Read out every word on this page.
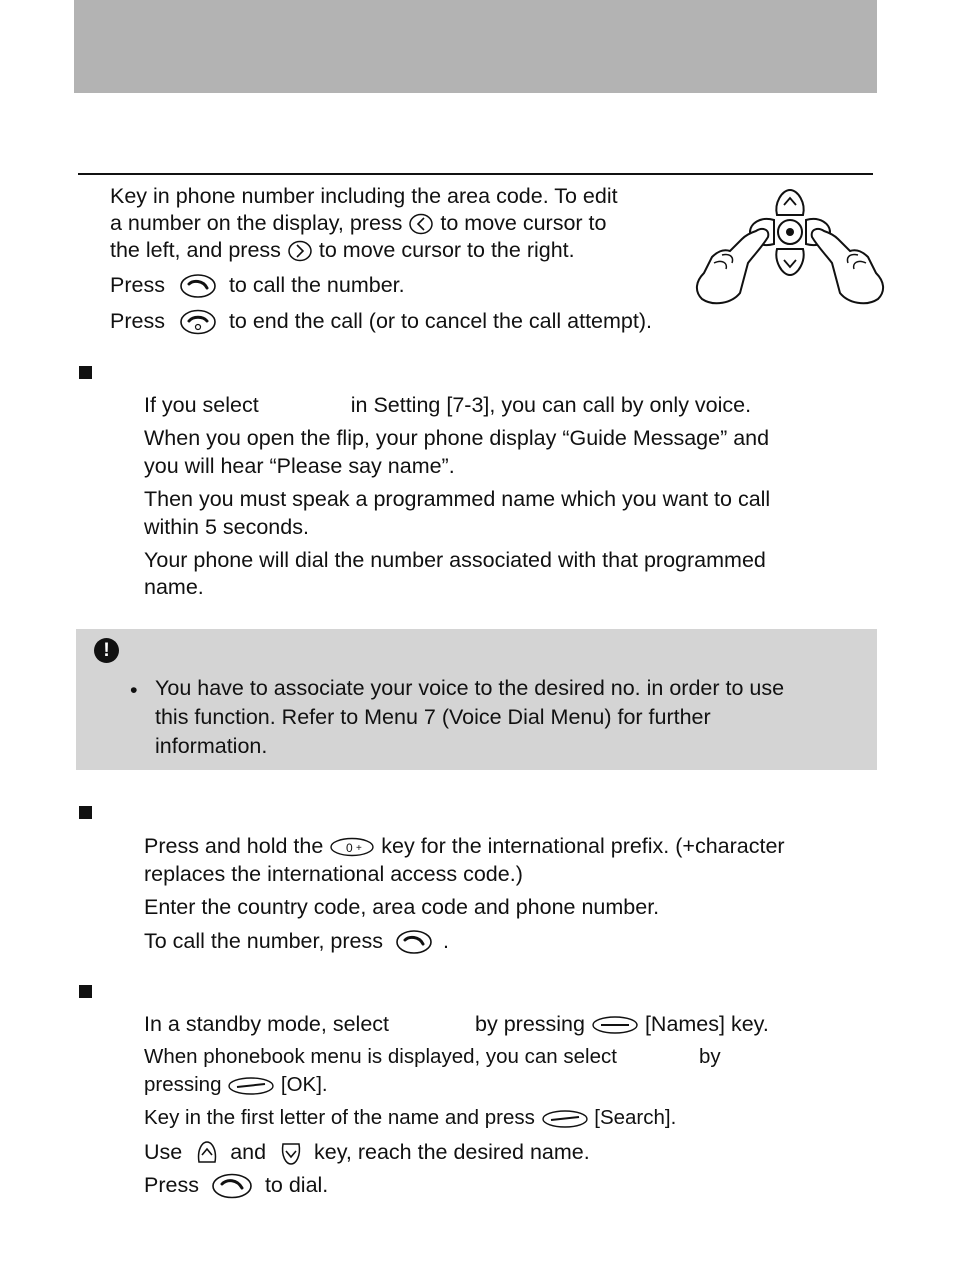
Key in phone number including the area code. To edit
a number on the display, press to move cursor to
the left, and press to move cursor to the right.
Press	to call the number.
Press	to end the call (or to cancel the call attempt).
If you select	in Setting [7-3], you can call by only voice.
When you open the flip, your phone display “Guide Message” and
you will hear “Please say name”.
Then you must speak a programmed name which you want to call
within 5 seconds.
Your phone will dial the number associated with that programmed
name.
!
• You have to associate your voice to the desired no. in order to use
this function. Refer to Menu 7 (Voice Dial Menu) for further
information.
Press and hold the 0 + key for the international prefix. (+character
replaces the international access code.)
Enter the country code, area code and phone number.
To call the number, press	.
In a standby mode, select	by pressing	[Names] key.
When phonebook menu is displayed, you can select	by
pressing	[OK].
Key in the first letter of the name and press	[Search].
Use and key, reach the desired name.
Press	to dial.
